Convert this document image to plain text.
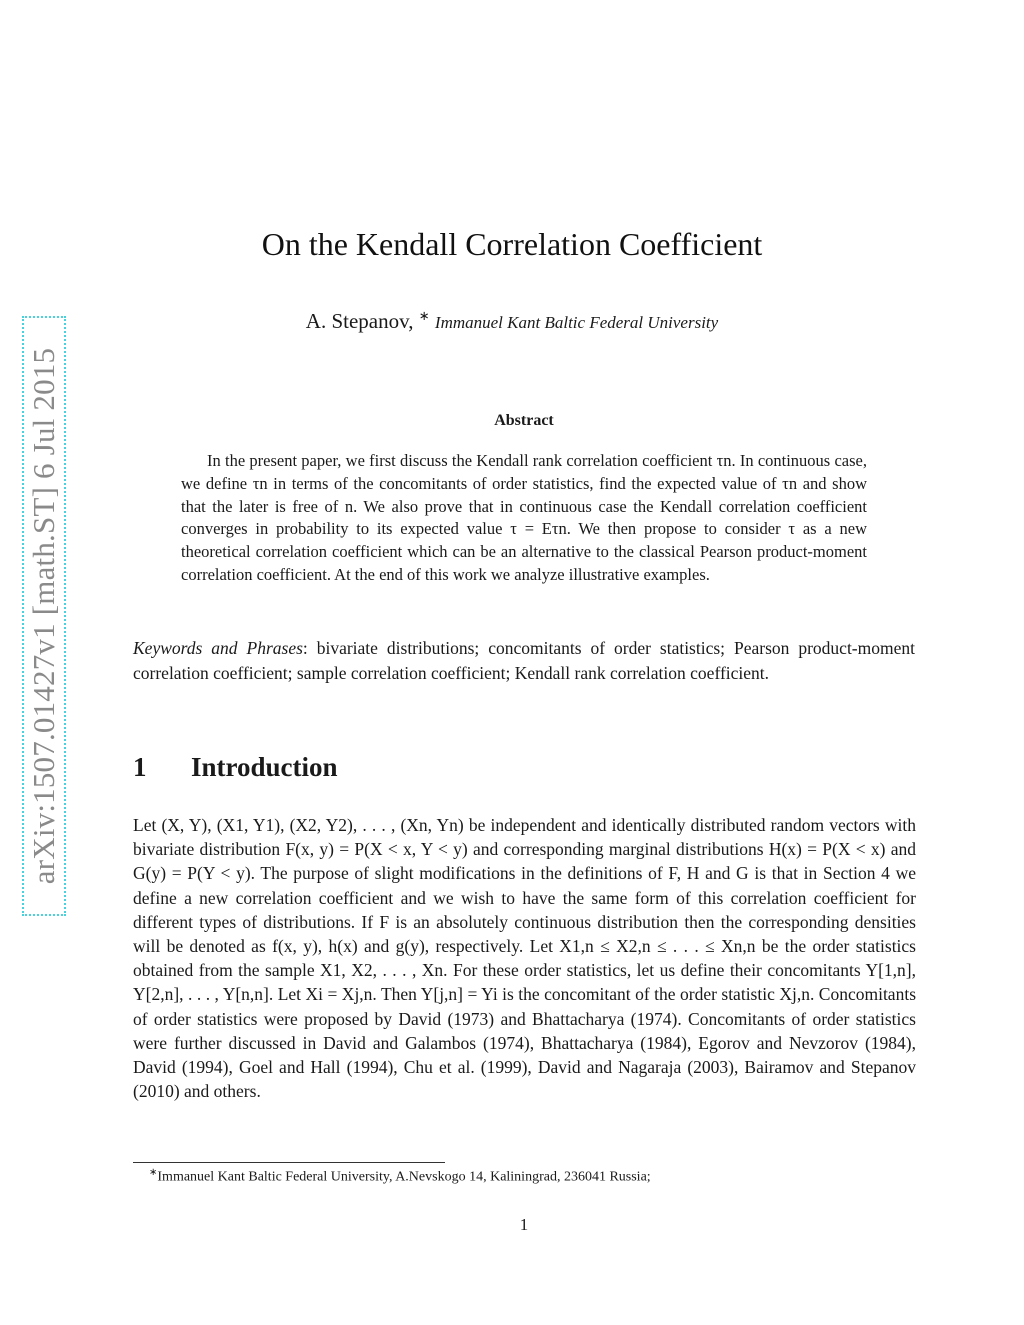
arXiv:1507.01427v1 [math.ST] 6 Jul 2015
On the Kendall Correlation Coefficient
A. Stepanov, ∗ Immanuel Kant Baltic Federal University
Abstract

In the present paper, we first discuss the Kendall rank correlation coefficient τn. In continuous case, we define τn in terms of the concomitants of order statistics, find the expected value of τn and show that the later is free of n. We also prove that in continuous case the Kendall correlation coefficient converges in probability to its expected value τ = Eτn. We then propose to consider τ as a new theoretical correlation coefficient which can be an alternative to the classical Pearson product-moment correlation coefficient. At the end of this work we analyze illustrative examples.

Keywords and Phrases: bivariate distributions; concomitants of order statistics; Pearson product-moment correlation coefficient; sample correlation coefficient; Kendall rank correlation coefficient.

1 Introduction

Let (X, Y), (X1, Y1), (X2, Y2), . . . , (Xn, Yn) be independent and identically distributed random vectors with bivariate distribution F(x, y) = P(X < x, Y < y) and corresponding marginal distributions H(x) = P(X < x) and G(y) = P(Y < y). The purpose of slight modifications in the definitions of F, H and G is that in Section 4 we define a new correlation coefficient and we wish to have the same form of this correlation coefficient for different types of distributions. If F is an absolutely continuous distribution then the corresponding densities will be denoted as f(x, y), h(x) and g(y), respectively. Let X1,n ≤ X2,n ≤ . . . ≤ Xn,n be the order statistics obtained from the sample X1, X2, . . . , Xn. For these order statistics, let us define their concomitants Y[1,n], Y[2,n], . . . , Y[n,n]. Let Xi = Xj,n. Then Y[j,n] = Yi is the concomitant of the order statistic Xj,n. Concomitants of order statistics were proposed by David (1973) and Bhattacharya (1974). Concomitants of order statistics were further discussed in David and Galambos (1974), Bhattacharya (1984), Egorov and Nevzorov (1984), David (1994), Goel and Hall (1994), Chu et al. (1999), David and Nagaraja (2003), Bairamov and Stepanov (2010) and others.

∗Immanuel Kant Baltic Federal University, A.Nevskogo 14, Kaliningrad, 236041 Russia;
1
